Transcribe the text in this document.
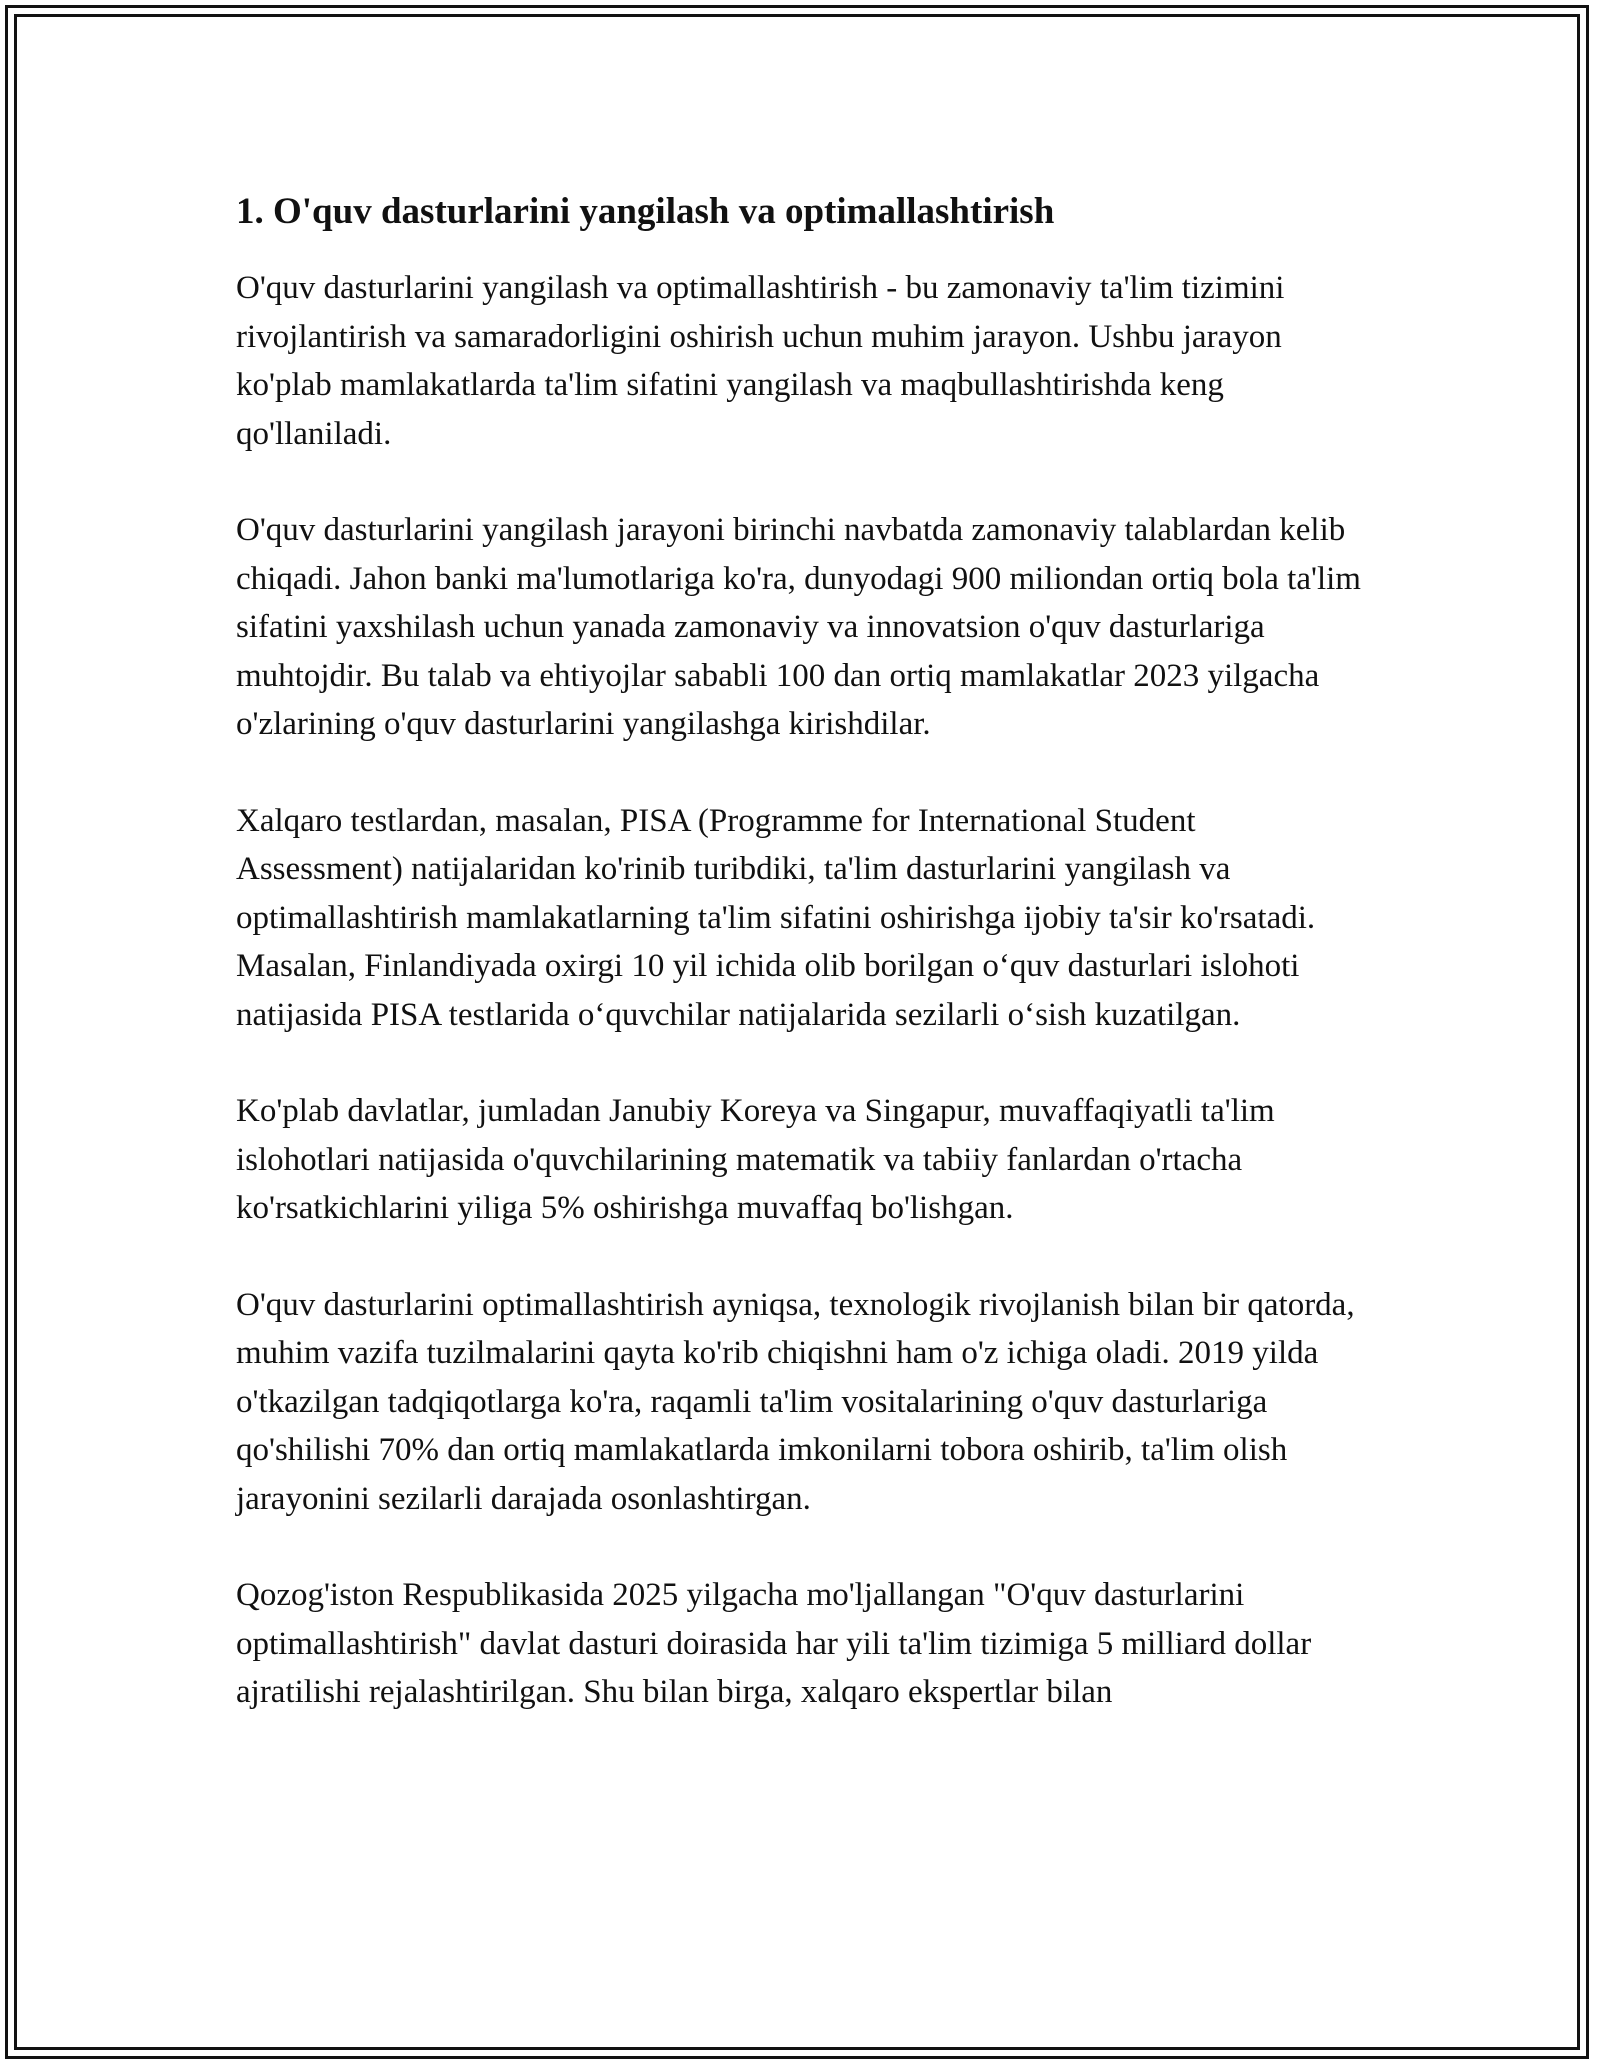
1. O'quv dasturlarini yangilash va optimallashtirish

O'quv dasturlarini yangilash va optimallashtirish - bu zamonaviy ta'lim tizimini rivojlantirish va samaradorligini oshirish uchun muhim jarayon. Ushbu jarayon ko'plab mamlakatlarda ta'lim sifatini yangilash va maqbullashtirishda keng qo'llaniladi.

O'quv dasturlarini yangilash jarayoni birinchi navbatda zamonaviy talablardan kelib chiqadi. Jahon banki ma'lumotlariga ko'ra, dunyodagi 900 miliondan ortiq bola ta'lim sifatini yaxshilash uchun yanada zamonaviy va innovatsion o'quv dasturlariga muhtojdir. Bu talab va ehtiyojlar sababli 100 dan ortiq mamlakatlar 2023 yilgacha o'zlarining o'quv dasturlarini yangilashga kirishdilar.

Xalqaro testlardan, masalan, PISA (Programme for International Student Assessment) natijalaridan ko'rinib turibdiki, ta'lim dasturlarini yangilash va optimallashtirish mamlakatlarning ta'lim sifatini oshirishga ijobiy ta'sir ko'rsatadi. Masalan, Finlandiyada oxirgi 10 yil ichida olib borilgan o‘quv dasturlari islohoti natijasida PISA testlarida o‘quvchilar natijalarida sezilarli o‘sish kuzatilgan.

Ko'plab davlatlar, jumladan Janubiy Koreya va Singapur, muvaffaqiyatli ta'lim islohotlari natijasida o'quvchilarining matematik va tabiiy fanlardan o'rtacha ko'rsatkichlarini yiliga 5% oshirishga muvaffaq bo'lishgan.

O'quv dasturlarini optimallashtirish ayniqsa, texnologik rivojlanish bilan bir qatorda, muhim vazifa tuzilmalarini qayta ko'rib chiqishni ham o'z ichiga oladi. 2019 yilda o'tkazilgan tadqiqotlarga ko'ra, raqamli ta'lim vositalarining o'quv dasturlariga qo'shilishi 70% dan ortiq mamlakatlarda imkonilarni tobora oshirib, ta'lim olish jarayonini sezilarli darajada osonlashtirgan.

Qozog'iston Respublikasida 2025 yilgacha mo'ljallangan "O'quv dasturlarini optimallashtirish" davlat dasturi doirasida har yili ta'lim tizimiga 5 milliard dollar ajratilishi rejalashtirilgan. Shu bilan birga, xalqaro ekspertlar bilan
